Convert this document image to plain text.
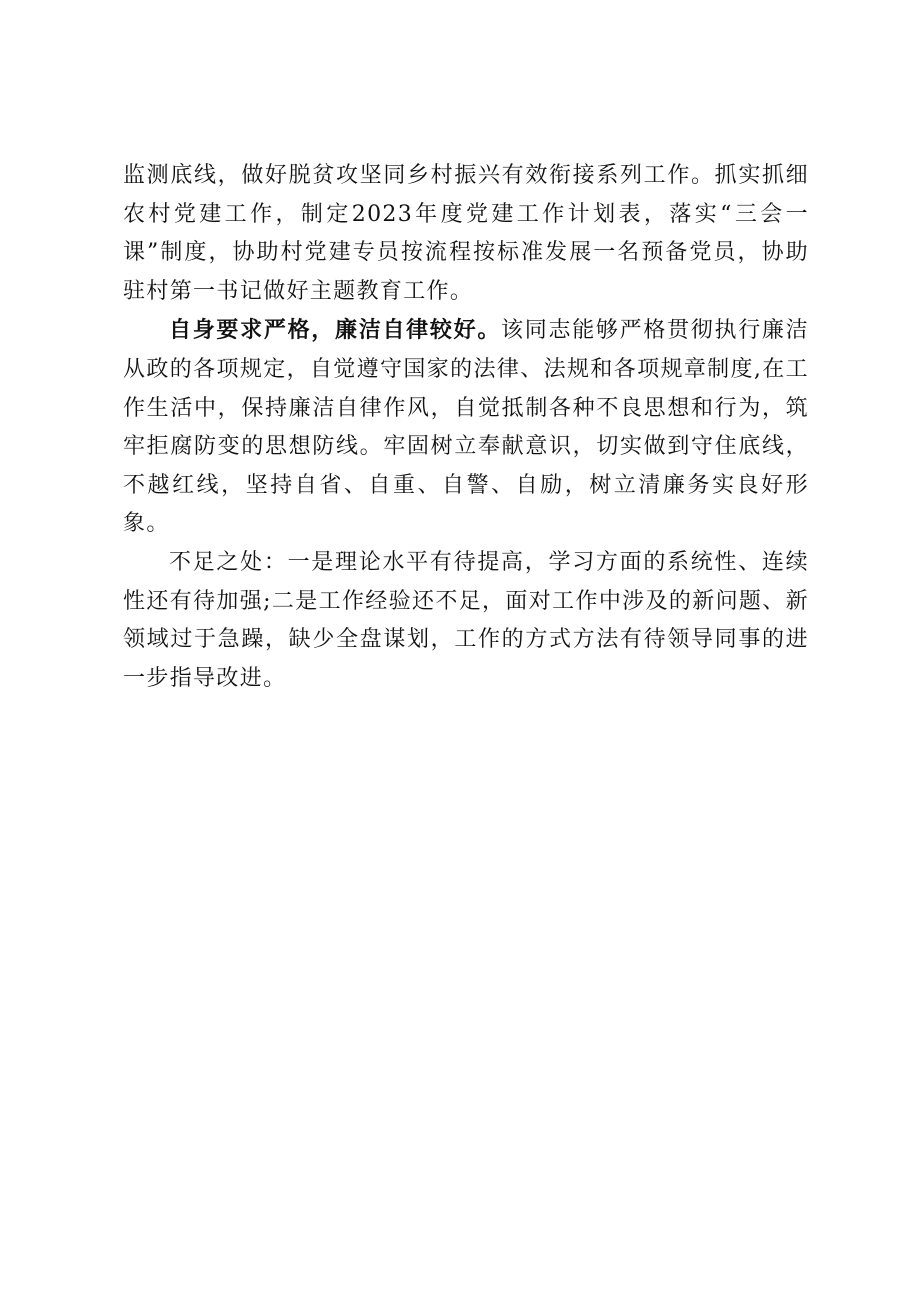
监测底线，做好脱贫攻坚同乡村振兴有效衔接系列工作。抓实抓细农村党建工作，制定2023年度党建工作计划表，落实“三会一课”制度，协助村党建专员按流程按标准发展一名预备党员，协助驻村第一书记做好主题教育工作。

自身要求严格，廉洁自律较好。该同志能够严格贯彻执行廉洁从政的各项规定，自觉遵守国家的法律、法规和各项规章制度,在工作生活中，保持廉洁自律作风，自觉抵制各种不良思想和行为，筑牢拒腐防变的思想防线。牢固树立奉献意识，切实做到守住底线，不越红线，坚持自省、自重、自警、自励，树立清廉务实良好形象。

不足之处：一是理论水平有待提高，学习方面的系统性、连续性还有待加强;二是工作经验还不足，面对工作中涉及的新问题、新领域过于急躁，缺少全盘谋划，工作的方式方法有待领导同事的进一步指导改进。
